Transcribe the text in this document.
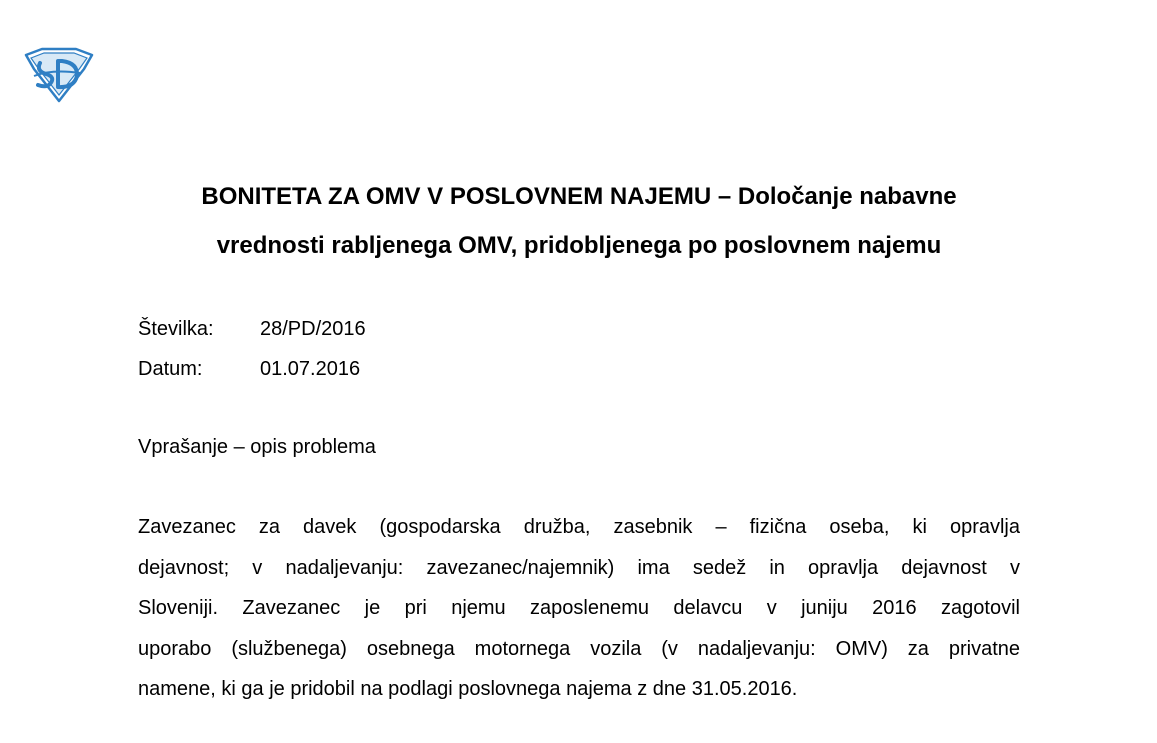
BONITETA ZA OMV V POSLOVNEM NAJEMU – Določanje nabavne
vrednosti rabljenega OMV, pridobljenega po poslovnem najemu
Številka:	28/PD/2016
Datum:	01.07.2016
Vprašanje – opis problema
Zavezanec za davek (gospodarska družba, zasebnik – fizična oseba, ki opravlja
dejavnost; v nadaljevanju: zavezanec/najemnik) ima sedež in opravlja dejavnost v
Sloveniji. Zavezanec je pri njemu zaposlenemu delavcu v juniju 2016 zagotovil
uporabo (službenega) osebnega motornega vozila (v nadaljevanju: OMV) za privatne
namene, ki ga je pridobil na podlagi poslovnega najema z dne 31.05.2016.
